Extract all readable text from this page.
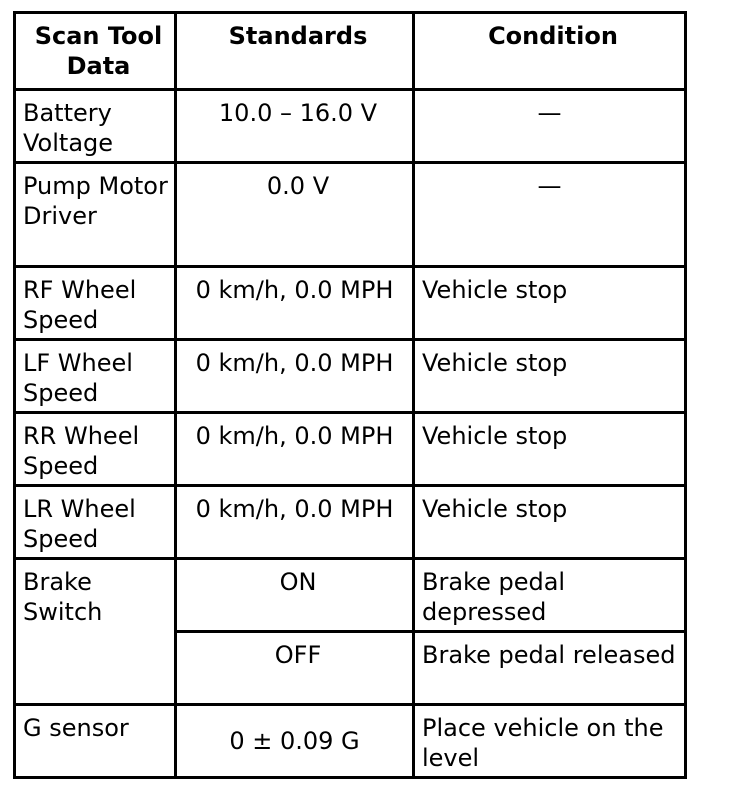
Scan Tool Data	Standards	Condition
Battery Voltage	10.0 – 16.0 V	—
Pump Motor Driver	0.0 V	—
RF Wheel Speed	0 km/h, 0.0 MPH	Vehicle stop
LF Wheel Speed	0 km/h, 0.0 MPH	Vehicle stop
RR Wheel Speed	0 km/h, 0.0 MPH	Vehicle stop
LR Wheel Speed	0 km/h, 0.0 MPH	Vehicle stop
Brake Switch	ON	Brake pedal depressed
	OFF	Brake pedal released
G sensor	0 ± 0.09 G	Place vehicle on the level
